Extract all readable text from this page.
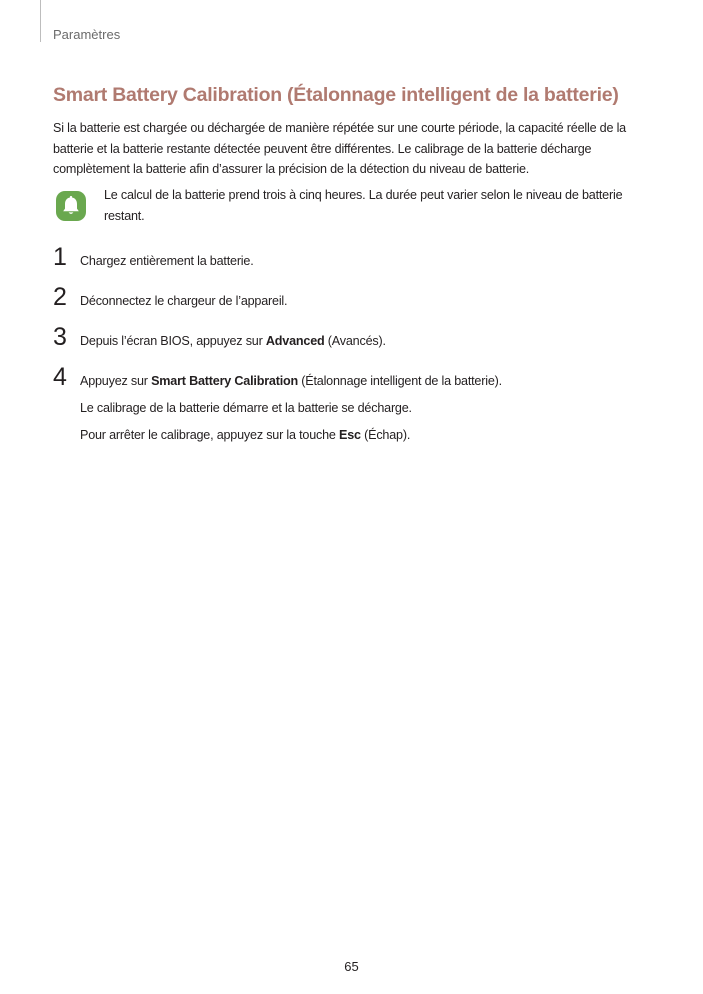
Paramètres
Smart Battery Calibration (Étalonnage intelligent de la batterie)

Si la batterie est chargée ou déchargée de manière répétée sur une courte période, la capacité réelle de la batterie et la batterie restante détectée peuvent être différentes. Le calibrage de la batterie décharge complètement la batterie afin d’assurer la précision de la détection du niveau de batterie.

Le calcul de la batterie prend trois à cinq heures. La durée peut varier selon le niveau de batterie restant.

1 Chargez entièrement la batterie.
2 Déconnectez le chargeur de l’appareil.
3 Depuis l’écran BIOS, appuyez sur Advanced (Avancés).
4 Appuyez sur Smart Battery Calibration (Étalonnage intelligent de la batterie).
Le calibrage de la batterie démarre et la batterie se décharge.
Pour arrêter le calibrage, appuyez sur la touche Esc (Échap).
65
